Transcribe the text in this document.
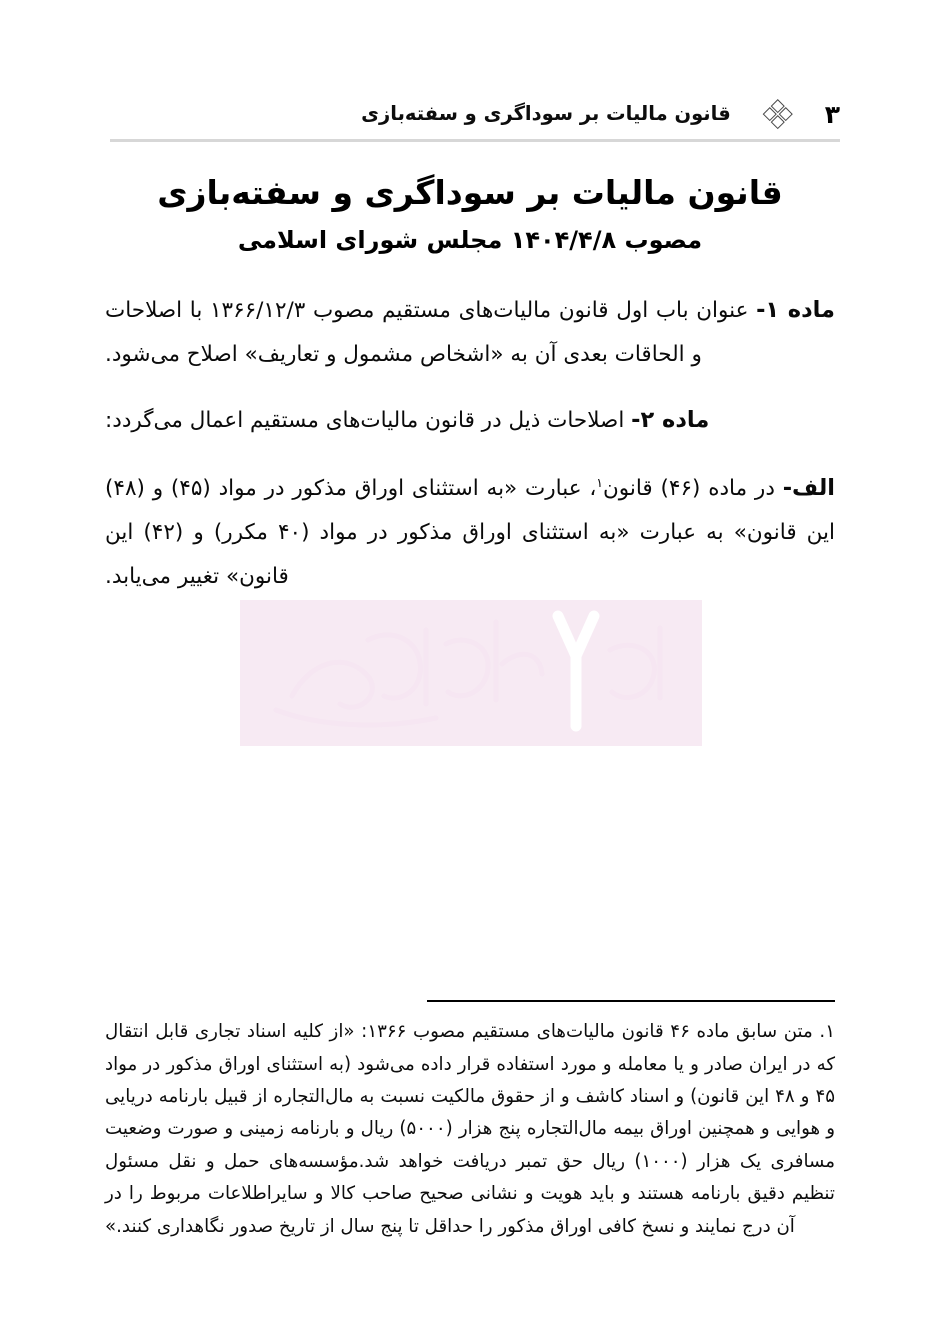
۳
قانون مالیات بر سوداگری و سفته‌بازی
قانون مالیات بر سوداگری و سفته‌بازی
مصوب ۱۴۰۴/۴/۸ مجلس شورای اسلامی

ماده ۱- عنوان باب اول قانون مالیات‌های مستقیم مصوب ۱۳۶۶/۱۲/۳ با اصلاحات و الحاقات بعدی آن به «اشخاص مشمول و تعاریف» اصلاح می‌شود.

ماده ۲- اصلاحات ذیل در قانون مالیات‌های مستقیم اعمال می‌گردد:

الف- در ماده (۴۶) قانون$^۱$، عبارت «به استثنای اوراق مذکور در مواد (۴۵) و (۴۸) این قانون» به عبارت «به استثنای اوراق مذکور در مواد (۴۰ مکرر) و (۴۲) این قانون» تغییر می‌یابد.

۱. متن سابق ماده ۴۶ قانون مالیات‌های مستقیم مصوب ۱۳۶۶: «از کلیه اسناد تجاری قابل انتقال که در ایران صادر و یا معامله و مورد استفاده قرار داده می‌شود (به استثنای اوراق مذکور در مواد ۴۵ و ۴۸ این قانون) و اسناد کاشف و از حقوق مالکیت نسبت به مال‌التجاره از قبیل بارنامه دریایی و هوایی و همچنین اوراق بیمه مال‌التجاره پنج هزار (۵۰۰۰) ریال و بارنامه زمینی و صورت وضعیت مسافری یک هزار (۱۰۰۰) ریال حق تمبر دریافت خواهد شد.مؤسسه‌های حمل و نقل مسئول تنظیم دقیق بارنامه هستند و باید هویت و نشانی صحیح صاحب کالا و سایراطلاعات مربوط را در آن درج نمایند و نسخ کافی اوراق مذکور را حداقل تا پنج سال از تاریخ صدور نگاهداری کنند.»
